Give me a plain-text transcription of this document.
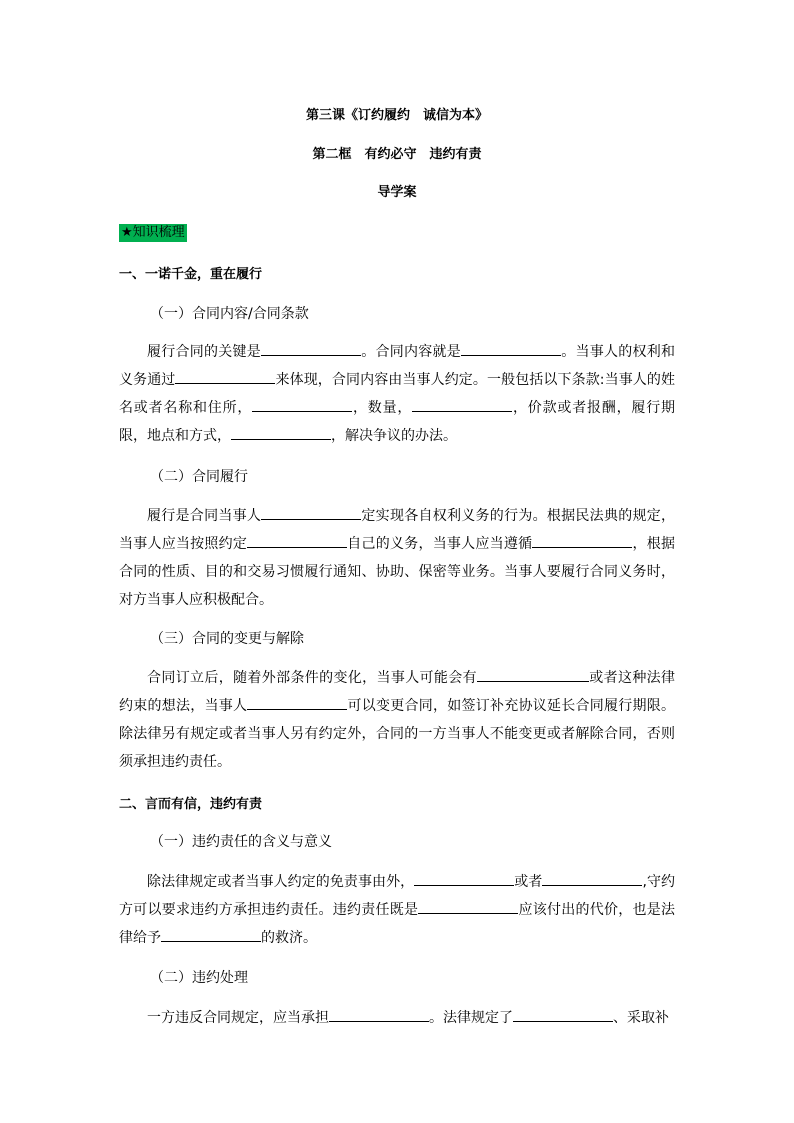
第三课《订约履约　诚信为本》
第二框　有约必守　违约有责
导学案
★知识梳理
一、一诺千金，重在履行
（一）合同内容/合同条款
履行合同的关键是	。合同内容就是	。当事人的权利和义务通过	来体现，合同内容由当事人约定。一般包括以下条款:当事人的姓名或者名称和住所，	，数量，	，价款或者报酬，履行期限，地点和方式，	，解决争议的办法。
（二）合同履行
履行是合同当事人	定实现各自权利义务的行为。根据民法典的规定，当事人应当按照约定	自己的义务，当事人应当遵循	，根据合同的性质、目的和交易习惯履行通知、协助、保密等业务。当事人要履行合同义务时，对方当事人应积极配合。
（三）合同的变更与解除
合同订立后，随着外部条件的变化，当事人可能会有	或者这种法律约束的想法，当事人	可以变更合同，如签订补充协议延长合同履行期限。除法律另有规定或者当事人另有约定外，合同的一方当事人不能变更或者解除合同，否则须承担违约责任。
二、言而有信，违约有责
（一）违约责任的含义与意义
除法律规定或者当事人约定的免责事由外，	或者	,守约方可以要求违约方承担违约责任。违约责任既是	应该付出的代价，也是法律给予	的救济。
（二）违约处理
一方违反合同规定，应当承担	。法律规定了	、采取补
